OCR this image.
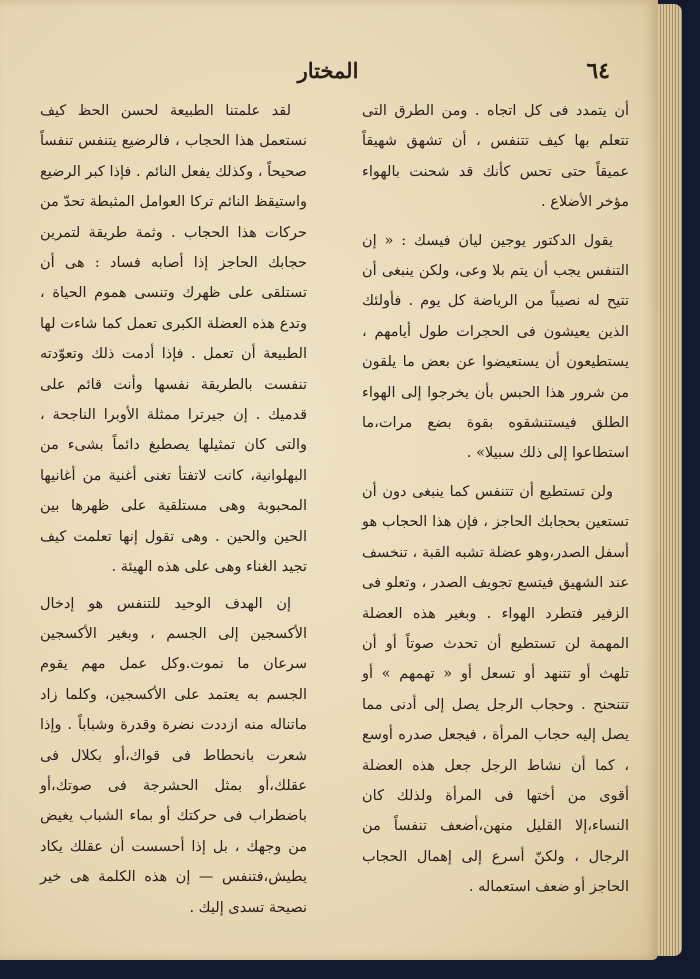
٦٤
المختار

أن يتمدد فى كل اتجاه . ومن الطرق التى تتعلم بها كيف تتنفس ، أن تشهق شهيقاً عميقاً حتى تحس كأنك قد شحنت بالهواء مؤخر الأضلاع .

يقول الدكتور يوجين ليان فيسك : « إن التنفس يجب أن يتم بلا وعى، ولكن ينبغى أن تتيح له نصيباً من الرياضة كل يوم . فأولئك الذين يعيشون فى الحجرات طول أيامهم ، يستطيعون أن يستعيضوا عن بعض ما يلقون من شرور هذا الحبس بأن يخرجوا إلى الهواء الطلق فيستنشقوه بقوة بضع مرات،ما استطاعوا إلى ذلك سبيلا» .

ولن تستطيع أن تتنفس كما ينبغى دون أن تستعين بحجابك الحاجز ، فإن هذا الحجاب هو أسفل الصدر،وهو عضلة تشبه القبة ، تنخسف عند الشهيق فيتسع تجويف الصدر ، وتعلو فى الزفير فتطرد الهواء . وبغير هذه العضلة المهمة لن تستطيع أن تحدث صوتاً أو أن تلهث أو تتنهد أو تسعل أو « تهمهم » أو تتنحنح . وحجاب الرجل يصل إلى أدنى مما يصل إليه حجاب المرأة ، فيجعل صدره أوسع ، كما أن نشاط الرجل جعل هذه العضلة أقوى من أختها فى المرأة ولذلك كان النساء،إلا القليل منهن،أضعف تنفساً من الرجال ، ولكنّ أسرع إلى إهمال الحجاب الحاجز أو ضعف استعماله .

لقد علمتنا الطبيعة لحسن الحظ كيف نستعمل هذا الحجاب ، فالرضيع يتنفس تنفساً صحيحاً ، وكذلك يفعل النائم . فإذا كبر الرضيع واستيقظ النائم تركا العوامل المثبطة تحدّ من حركات هذا الحجاب . وثمة طريقة لتمرين حجابك الحاجز إذا أصابه فساد : هى أن تستلقى على ظهرك وتنسى هموم الحياة ، وتدع هذه العضلة الكبرى تعمل كما شاءت لها الطبيعة أن تعمل . فإذا أدمت ذلك وتعوّدته تنفست بالطريقة نفسها وأنت قائم على قدميك . إن جيرترا ممثلة الأوبرا الناجحة ، والتى كان تمثيلها يصطبغ دائماً بشىء من البهلوانية، كانت لاتفتأ تغنى أغنية من أغانيها المحبوبة وهى مستلقية على ظهرها بين الحين والحين . وهى تقول إنها تعلمت كيف تجيد الغناء وهى على هذه الهيئة .

إن الهدف الوحيد للتنفس هو إدخال الأكسجين إلى الجسم ، وبغير الأكسجين سرعان ما نموت.وكل عمل مهم يقوم الجسم به يعتمد على الأكسجين، وكلما زاد ماتناله منه ازددت نضرة وقدرة وشباباً . وإذا شعرت بانحطاط فى قواك،أو بكلال فى عقلك،أو بمثل الحشرجة فى صوتك،أو باضطراب فى حركتك أو بماء الشباب يغيض من وجهك ، بل إذا أحسست أن عقلك يكاد يطيش،فتنفس — إن هذه الكلمة هى خير نصيحة تسدى إليك .
